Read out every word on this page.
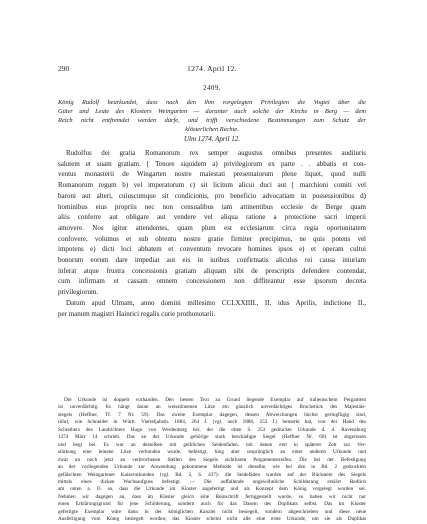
290	1274. April 12.
2409.
König Rudolf beurkundet, dass nach den ihm vorgelegten Privilegien die Vogtei über die
Güter und Leute des Klosters Weingarten — darunter auch solche der Kirche in Berg — dem
Reich nicht entfremdet werden dürfe, und trifft verschiedene Bestimmungen zum Schutz der
klösterlichen Rechte.
Ulm 1274. April 12.
Rudolfus dei gratia Romanorum rex semper augustus omnibus presentes audituris
salutem et suam gratiam. [ Tenore siquidem a) privilegiorum ex parte . . abbatis et con-
ventus monasterii de Wingarten nostre maiestati presentatorum plene liquet, quod nulli
Romanorum regum b) vel imperatorum c) sit licitum alicui duci aut [ marchioni comiti vel
baroni aut alteri, cuiuscumque sit condicionis, pro beneficio advocatiam in possessionibus d)
hominibus eius propriis nec non censualibus tam attinentibus ecclesie de Berge quam
aliis conferre aut obligare aut vendere vel aliqua ratione a protectione sacri imperii
amovere. Nos igitur attendentes, quam plum est ecclesiarum circa regia oportunitatem
confovere, volumus et sub obtentu nostre gratie firmiter precipimus, ne quis potens vel
impotens e) dicti loci abbatem et conventum revocare homines ipsos e) et operam cultui
bonorum eorum dare impediat aut eis in iuribus confirmatis aliculus rei causa iniuriam
inferat atque frustra concessionis gratiam aliquam sibi de prescriptis defendere contendat,
cum infirmam et cassam omnem concessionem non diffiteantur esse ipsorum decreta
privilegiorum.
Datum apud Ulmam, anno domini millesimo CCLXXIIII., II. idus Aprilis, indictione II.,
per manum magistri Hainrici regalis curie prothonotarii.
Die Urkunde ist doppelt vorhanden. Den besten Text zu Grund liegende Exemplar auf italienischem Pergament
ist unverdächtig. Es hängt daran an weisslinnenen Litze ein gänzlich unverdächtiges Bruchstück des Majestäts-
siegels (Heffner, Tf. 7 Nr. 59). Das zweite Exemplar dagegen, dessen Abweichungen höchst geringfügig sind,
rührt, wie Schneider in Württ. Vierteljahrsh. 1884, 264 f. (vgl. auch 1888, 253 f.) bemerkt hat, von der Hand des
Schreibers des Landrichters Hugo von Werdenberg her, der die oben S. 253 gedruckte Urkunde d. d. Ravensburg
1274 März 14 schrieb. Das an der Urkunde gehörige stark beschädigte Siegel (Heffner Nr. 60) ist abgerissen
und liegt bei. Es war an derselben mit gelblichen Seidenfäden, mit denen erst in späterer Zeit zur Ver-
stärkung eine leinene Litze verbunden wurde, befestigt, hing aber ursprünglich an einer anderen Urkunde und
zwar an noch jetzt an verbrochenen Stellen des Siegels sichtbaren Pergamentstreifen. Die bei der Befestigung
an der vorliegenden Urkunde zur Anwendung gekommene Methode ist dieselbe, wie bei den in Bd. 2 gedruckten
gefälschten Weingartener Kaiserurkunden (vgl. Bd. 2, S. 437): die Seidefäden wurden auf der Rückseite des Siegels
mittels eines dicken Wachsaufguss befestigt. — Die auffallende ungewöhnliche Schilderung erklärt Redlich
am unten a. O. so, dass die Urkunde im Kloster angefertigt und als Konzept dem König vorgelegt worden sei.
Nehmen wir dagegen an, dass im Kloster gleich eine Reinschrift fertiggestellt wurde, so haben wir nicht nur
einen Erklärungsgrund für jene Schilderung, sondern auch für das Dasein des Duplikats selbst. Das im Kloster
gefertigte Exemplar wäre dann in der königlichen Kanzlei nicht besiegelt, sondern abgeschrieben und diese neue
Ausfertigung vom König besiegelt worden; das Kloster scheint nicht alle eine erste Urkunde, um sie als Duplikat
